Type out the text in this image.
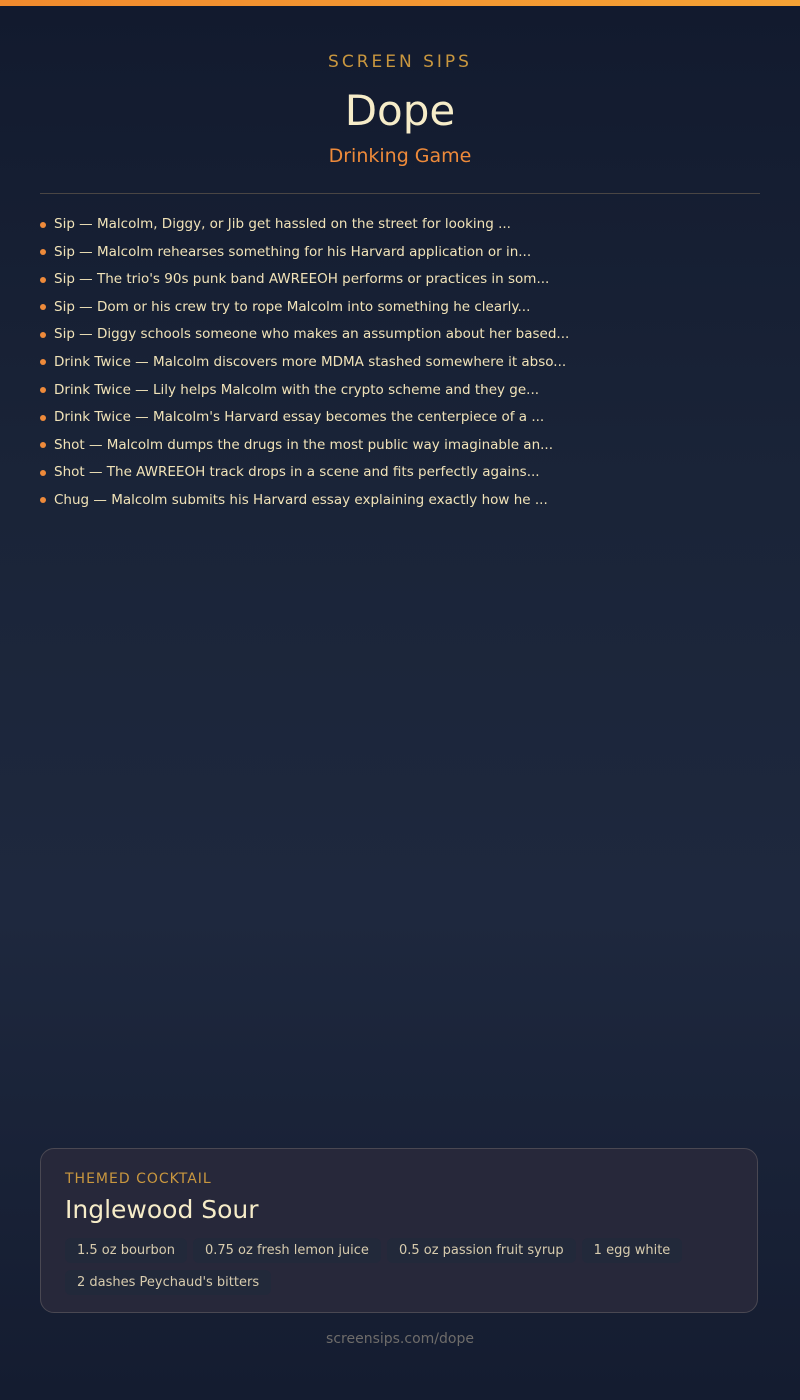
SCREEN SIPS
Dope
Drinking Game
Sip — Malcolm, Diggy, or Jib get hassled on the street for looking ...
Sip — Malcolm rehearses something for his Harvard application or in...
Sip — The trio's 90s punk band AWREEOH performs or practices in som...
Sip — Dom or his crew try to rope Malcolm into something he clearly...
Sip — Diggy schools someone who makes an assumption about her based...
Drink Twice — Malcolm discovers more MDMA stashed somewhere it abso...
Drink Twice — Lily helps Malcolm with the crypto scheme and they ge...
Drink Twice — Malcolm's Harvard essay becomes the centerpiece of a ...
Shot — Malcolm dumps the drugs in the most public way imaginable an...
Shot — The AWREEOH track drops in a scene and fits perfectly agains...
Chug — Malcolm submits his Harvard essay explaining exactly how he ...
THEMED COCKTAIL
Inglewood Sour
1.5 oz bourbon 0.75 oz fresh lemon juice 0.5 oz passion fruit syrup 1 egg white
2 dashes Peychaud's bitters
screensips.com/dope
